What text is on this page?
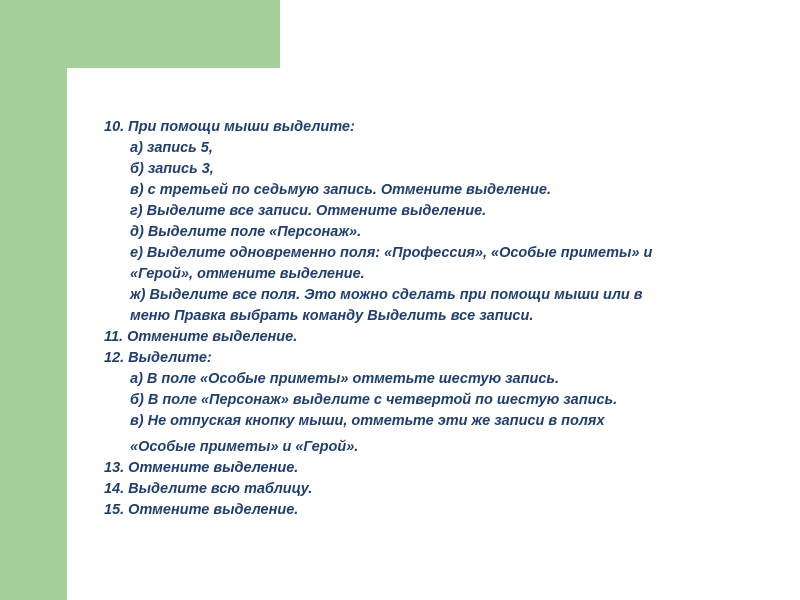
10. При помощи мыши выделите:
а) запись 5,
б) запись 3,
в) с третьей по седьмую запись. Отмените выделение.
г) Выделите все записи. Отмените выделение.
д) Выделите поле «Персонаж».
е) Выделите одновременно поля: «Профессия», «Особые приметы» и
«Герой», отмените выделение.
ж) Выделите все поля. Это можно сделать при помощи мыши или в
меню Правка выбрать команду Выделить все записи.
11. Отмените выделение.
12. Выделите:
а) В поле «Особые приметы» отметьте шестую запись.
б) В поле «Персонаж» выделите с четвертой по шестую запись.
в) Не отпуская кнопку мыши, отметьте эти же записи в полях
«Особые приметы» и «Герой».
13. Отмените выделение.
14. Выделите всю таблицу.
15. Отмените выделение.
